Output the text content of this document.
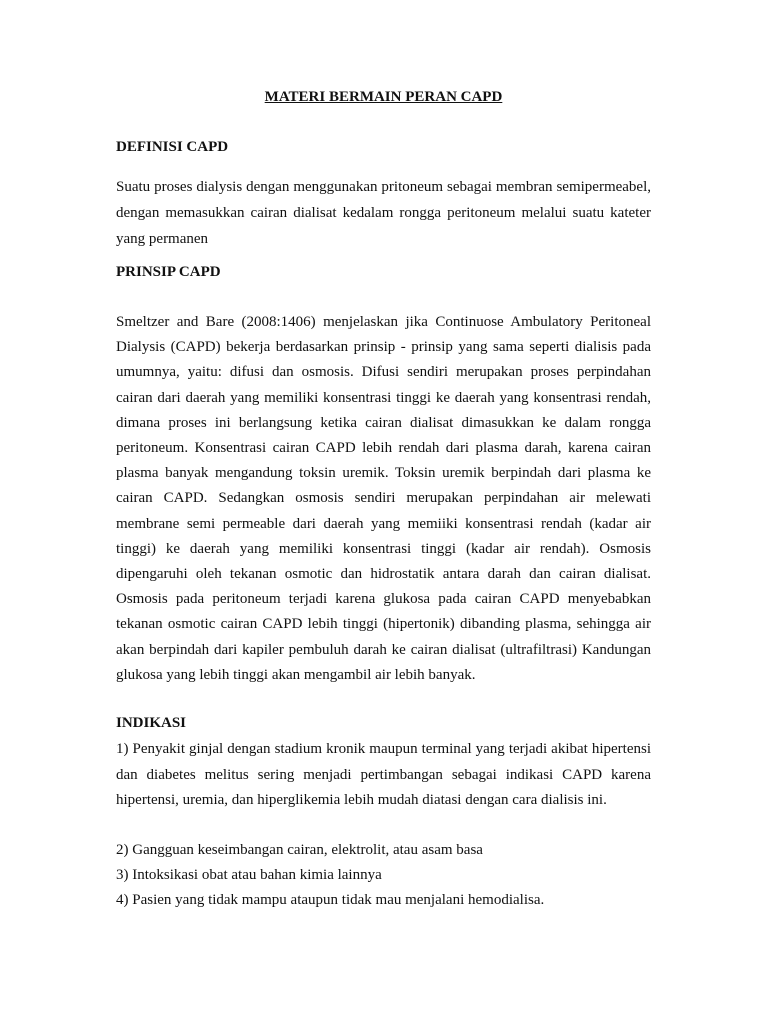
MATERI BERMAIN PERAN CAPD
DEFINISI CAPD
Suatu proses dialysis dengan menggunakan pritoneum sebagai membran semipermeabel, dengan memasukkan cairan dialisat kedalam rongga peritoneum melalui suatu kateter yang permanen
PRINSIP CAPD
Smeltzer and Bare (2008:1406) menjelaskan jika Continuose Ambulatory Peritoneal Dialysis (CAPD) bekerja berdasarkan prinsip - prinsip yang sama seperti dialisis pada umumnya, yaitu: difusi dan osmosis. Difusi sendiri merupakan proses perpindahan cairan dari daerah yang memiliki konsentrasi tinggi ke daerah yang konsentrasi rendah, dimana proses ini berlangsung ketika cairan dialisat dimasukkan ke dalam rongga peritoneum. Konsentrasi cairan CAPD lebih rendah dari plasma darah, karena cairan plasma banyak mengandung toksin uremik. Toksin uremik berpindah dari plasma ke cairan CAPD. Sedangkan osmosis sendiri merupakan perpindahan air melewati membrane semi permeable dari daerah yang memiiki konsentrasi rendah (kadar air tinggi) ke daerah yang memiliki konsentrasi tinggi (kadar air rendah). Osmosis dipengaruhi oleh tekanan osmotic dan hidrostatik antara darah dan cairan dialisat. Osmosis pada peritoneum terjadi karena glukosa pada cairan CAPD menyebabkan tekanan osmotic cairan CAPD lebih tinggi (hipertonik) dibanding plasma, sehingga air akan berpindah dari kapiler pembuluh darah ke cairan dialisat (ultrafiltrasi) Kandungan glukosa yang lebih tinggi akan mengambil air lebih banyak.
INDIKASI
1) Penyakit ginjal dengan stadium kronik maupun terminal yang terjadi akibat hipertensi dan diabetes melitus sering menjadi pertimbangan sebagai indikasi CAPD karena hipertensi, uremia, dan hiperglikemia lebih mudah diatasi dengan cara dialisis ini.
2) Gangguan keseimbangan cairan, elektrolit, atau asam basa
3) Intoksikasi obat atau bahan kimia lainnya
4) Pasien yang tidak mampu ataupun tidak mau menjalani hemodialisa.
